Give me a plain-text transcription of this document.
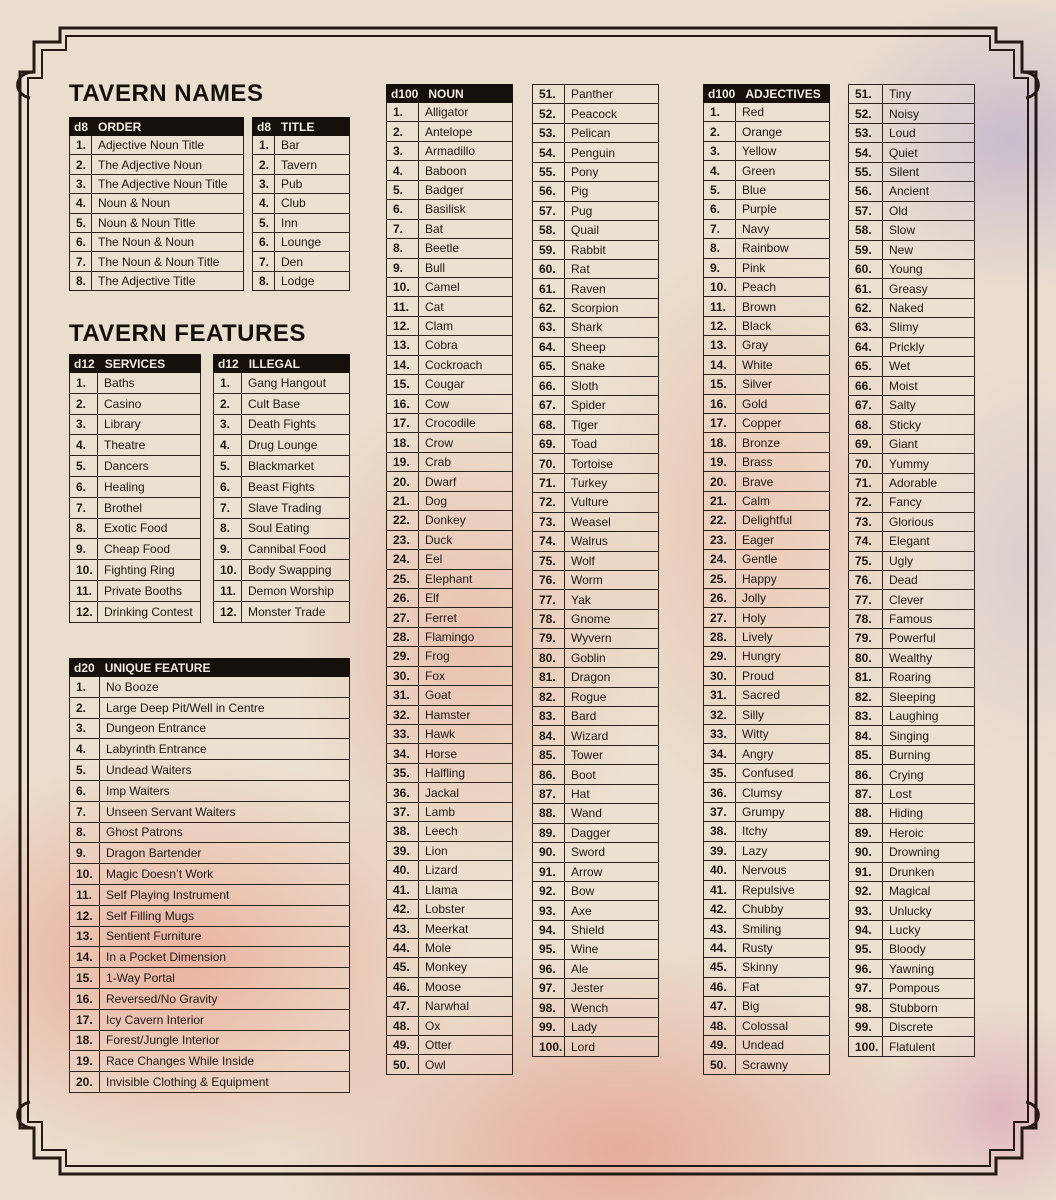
TAVERN NAMES
TAVERN FEATURES
d8 ORDER	
1.	Adjective Noun Title
2.	The Adjective Noun
3.	The Adjective Noun Title
4.	Noun & Noun
5.	Noun & Noun Title
6.	The Noun & Noun
7.	The Noun & Noun Title
8.	The Adjective Title
d8 TITLE	
1.	Bar
2.	Tavern
3.	Pub
4.	Club
5.	Inn
6.	Lounge
7.	Den
8.	Lodge
d12 SERVICES	
1.	Baths
2.	Casino
3.	Library
4.	Theatre
5.	Dancers
6.	Healing
7.	Brothel
8.	Exotic Food
9.	Cheap Food
10.	Fighting Ring
11.	Private Booths
12.	Drinking Contest
d12 ILLEGAL	
1.	Gang Hangout
2.	Cult Base
3.	Death Fights
4.	Drug Lounge
5.	Blackmarket
6.	Beast Fights
7.	Slave Trading
8.	Soul Eating
9.	Cannibal Food
10.	Body Swapping
11.	Demon Worship
12.	Monster Trade
d20 UNIQUE FEATURE	
1.	No Booze
2.	Large Deep Pit/Well in Centre
3.	Dungeon Entrance
4.	Labyrinth Entrance
5.	Undead Waiters
6.	Imp Waiters
7.	Unseen Servant Waiters
8.	Ghost Patrons
9.	Dragon Bartender
10.	Magic Doesn’t Work
11.	Self Playing Instrument
12.	Self Filling Mugs
13.	Sentient Furniture
14.	In a Pocket Dimension
15.	1-Way Portal
16.	Reversed/No Gravity
17.	Icy Cavern Interior
18.	Forest/Jungle Interior
19.	Race Changes While Inside
20.	Invisible Clothing & Equipment
d100 NOUN	
1.	Alligator
2.	Antelope
3.	Armadillo
4.	Baboon
5.	Badger
6.	Basilisk
7.	Bat
8.	Beetle
9.	Bull
10.	Camel
11.	Cat
12.	Clam
13.	Cobra
14.	Cockroach
15.	Cougar
16.	Cow
17.	Crocodile
18.	Crow
19.	Crab
20.	Dwarf
21.	Dog
22.	Donkey
23.	Duck
24.	Eel
25.	Elephant
26.	Elf
27.	Ferret
28.	Flamingo
29.	Frog
30.	Fox
31.	Goat
32.	Hamster
33.	Hawk
34.	Horse
35.	Halfling
36.	Jackal
37.	Lamb
38.	Leech
39.	Lion
40.	Lizard
41.	Llama
42.	Lobster
43.	Meerkat
44.	Mole
45.	Monkey
46.	Moose
47.	Narwhal
48.	Ox
49.	Otter
50.	Owl
51.	Panther
52.	Peacock
53.	Pelican
54.	Penguin
55.	Pony
56.	Pig
57.	Pug
58.	Quail
59.	Rabbit
60.	Rat
61.	Raven
62.	Scorpion
63.	Shark
64.	Sheep
65.	Snake
66.	Sloth
67.	Spider
68.	Tiger
69.	Toad
70.	Tortoise
71.	Turkey
72.	Vulture
73.	Weasel
74.	Walrus
75.	Wolf
76.	Worm
77.	Yak
78.	Gnome
79.	Wyvern
80.	Goblin
81.	Dragon
82.	Rogue
83.	Bard
84.	Wizard
85.	Tower
86.	Boot
87.	Hat
88.	Wand
89.	Dagger
90.	Sword
91.	Arrow
92.	Bow
93.	Axe
94.	Shield
95.	Wine
96.	Ale
97.	Jester
98.	Wench
99.	Lady
100.	Lord
d100 ADJECTIVES	
1.	Red
2.	Orange
3.	Yellow
4.	Green
5.	Blue
6.	Purple
7.	Navy
8.	Rainbow
9.	Pink
10.	Peach
11.	Brown
12.	Black
13.	Gray
14.	White
15.	Silver
16.	Gold
17.	Copper
18.	Bronze
19.	Brass
20.	Brave
21.	Calm
22.	Delightful
23.	Eager
24.	Gentle
25.	Happy
26.	Jolly
27.	Holy
28.	Lively
29.	Hungry
30.	Proud
31.	Sacred
32.	Silly
33.	Witty
34.	Angry
35.	Confused
36.	Clumsy
37.	Grumpy
38.	Itchy
39.	Lazy
40.	Nervous
41.	Repulsive
42.	Chubby
43.	Smiling
44.	Rusty
45.	Skinny
46.	Fat
47.	Big
48.	Colossal
49.	Undead
50.	Scrawny
51.	Tiny
52.	Noisy
53.	Loud
54.	Quiet
55.	Silent
56.	Ancient
57.	Old
58.	Slow
59.	New
60.	Young
61.	Greasy
62.	Naked
63.	Slimy
64.	Prickly
65.	Wet
66.	Moist
67.	Salty
68.	Sticky
69.	Giant
70.	Yummy
71.	Adorable
72.	Fancy
73.	Glorious
74.	Elegant
75.	Ugly
76.	Dead
77.	Clever
78.	Famous
79.	Powerful
80.	Wealthy
81.	Roaring
82.	Sleeping
83.	Laughing
84.	Singing
85.	Burning
86.	Crying
87.	Lost
88.	Hiding
89.	Heroic
90.	Drowning
91.	Drunken
92.	Magical
93.	Unlucky
94.	Lucky
95.	Bloody
96.	Yawning
97.	Pompous
98.	Stubborn
99.	Discrete
100.	Flatulent
